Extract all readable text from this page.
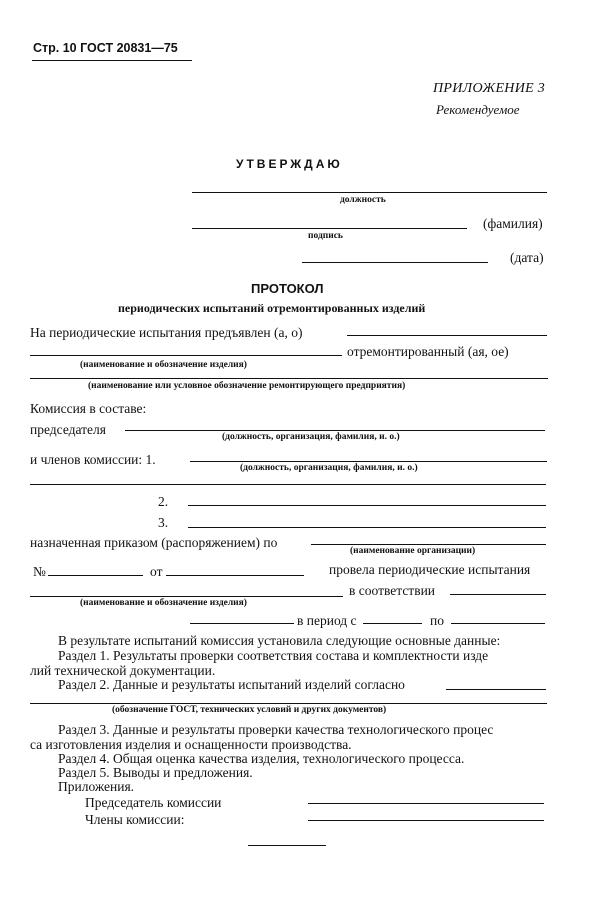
Стр. 10 ГОСТ 20831—75
ПРИЛОЖЕНИЕ 3
Рекомендуемое
УТВЕРЖДАЮ
должность
(фамилия)
подпись
(дата)
ПРОТОКОЛ
периодических испытаний отремонтированных изделий
На периодические испытания предъявлен (а, о)
отремонтированный (ая, ое)
(наименование и обозначение изделия)
(наименование или условное обозначение ремонтирующего предприятия)
Комиссия в составе:
председателя	(должность, организация, фамилия, и. о.)
и членов комиссии: 1.
(должность, организация, фамилия, и. о.)
2.
3.
назначенная приказом (распоряжением) по
(наименование организации)
№	от	провела периодические испытания
в соответствии
(наименование и обозначение изделия)
в период с	по
В результате испытаний комиссия установила следующие основные данные:
Раздел 1. Результаты проверки соответствия состава и комплектности изде
лий технической документации.
Раздел 2. Данные и результаты испытаний изделий согласно
(обозначение ГОСТ, технических условий и других документов)
Раздел 3. Данные и результаты проверки качества технологического процес
са изготовления изделия и оснащенности производства.
Раздел 4. Общая оценка качества изделия, технологического процесса.
Раздел 5. Выводы и предложения.
Приложения.
Председатель комиссии
Члены комиссии:
